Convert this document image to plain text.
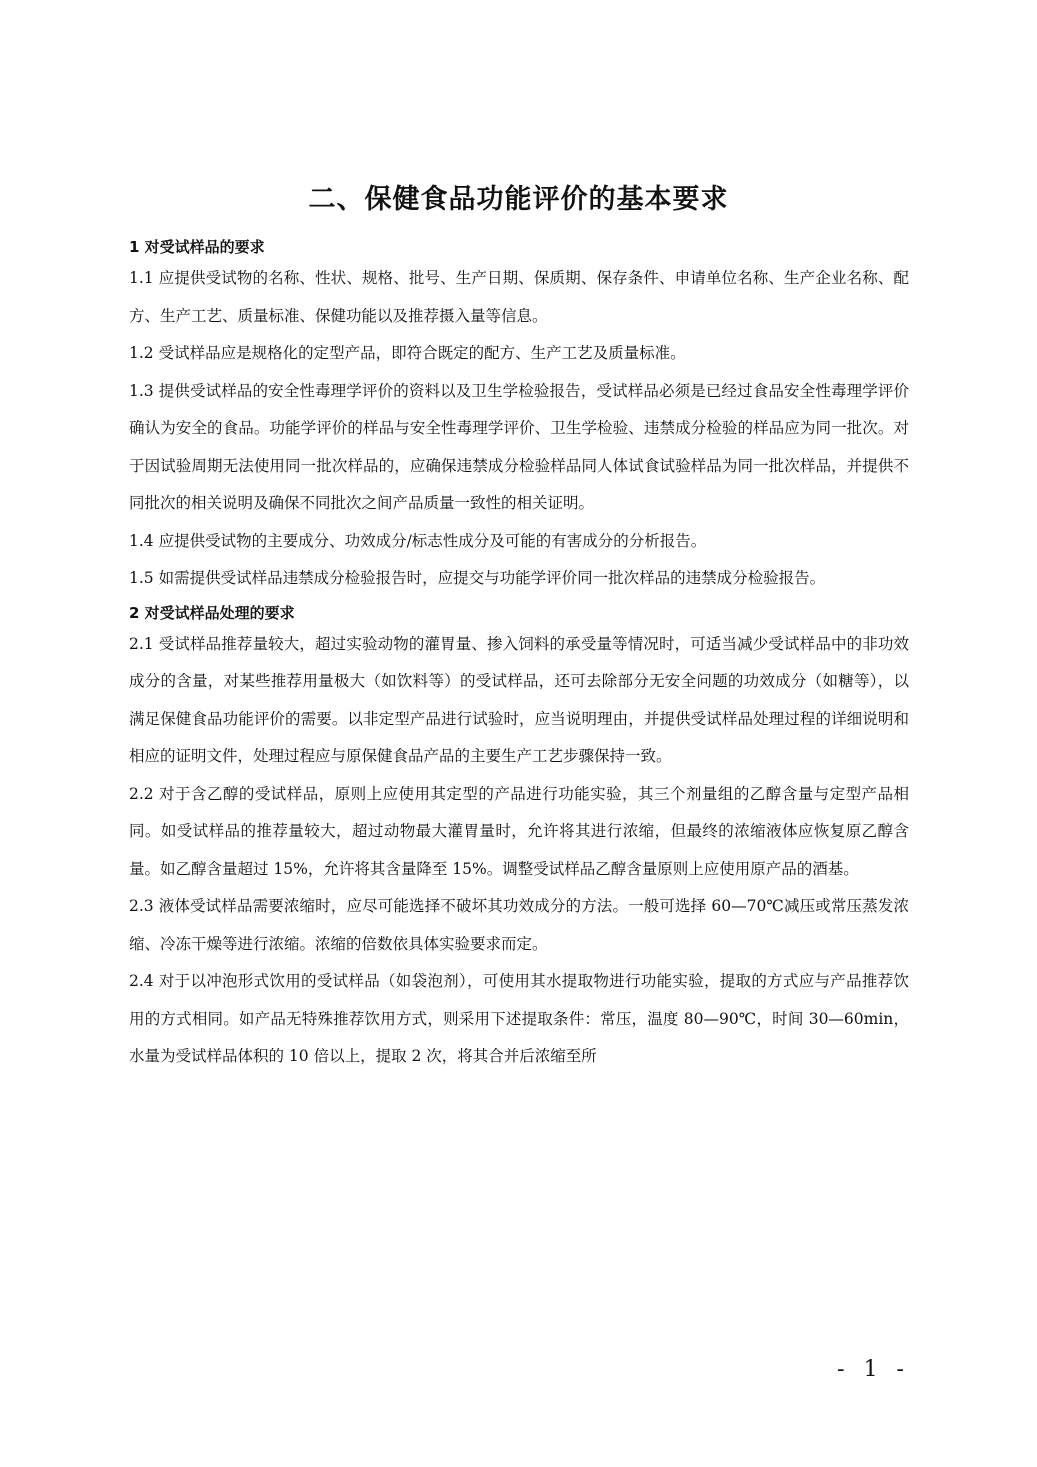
二、保健食品功能评价的基本要求
1 对受试样品的要求

1.1 应提供受试物的名称、性状、规格、批号、生产日期、保质期、保存条件、申请单位名称、生产企业名称、配方、生产工艺、质量标准、保健功能以及推荐摄入量等信息。

1.2 受试样品应是规格化的定型产品，即符合既定的配方、生产工艺及质量标准。

1.3 提供受试样品的安全性毒理学评价的资料以及卫生学检验报告，受试样品必须是已经过食品安全性毒理学评价确认为安全的食品。功能学评价的样品与安全性毒理学评价、卫生学检验、违禁成分检验的样品应为同一批次。对于因试验周期无法使用同一批次样品的，应确保违禁成分检验样品同人体试食试验样品为同一批次样品，并提供不同批次的相关说明及确保不同批次之间产品质量一致性的相关证明。

1.4 应提供受试物的主要成分、功效成分/标志性成分及可能的有害成分的分析报告。

1.5 如需提供受试样品违禁成分检验报告时，应提交与功能学评价同一批次样品的违禁成分检验报告。

2 对受试样品处理的要求

2.1 受试样品推荐量较大，超过实验动物的灌胃量、掺入饲料的承受量等情况时，可适当减少受试样品中的非功效成分的含量，对某些推荐用量极大（如饮料等）的受试样品，还可去除部分无安全问题的功效成分（如糖等），以满足保健食品功能评价的需要。以非定型产品进行试验时，应当说明理由，并提供受试样品处理过程的详细说明和相应的证明文件，处理过程应与原保健食品产品的主要生产工艺步骤保持一致。

2.2 对于含乙醇的受试样品，原则上应使用其定型的产品进行功能实验，其三个剂量组的乙醇含量与定型产品相同。如受试样品的推荐量较大，超过动物最大灌胃量时，允许将其进行浓缩，但最终的浓缩液体应恢复原乙醇含量。如乙醇含量超过 15%，允许将其含量降至 15%。调整受试样品乙醇含量原则上应使用原产品的酒基。

2.3 液体受试样品需要浓缩时，应尽可能选择不破坏其功效成分的方法。一般可选择 60—70℃减压或常压蒸发浓缩、冷冻干燥等进行浓缩。浓缩的倍数依具体实验要求而定。

2.4 对于以冲泡形式饮用的受试样品（如袋泡剂），可使用其水提取物进行功能实验，提取的方式应与产品推荐饮用的方式相同。如产品无特殊推荐饮用方式，则采用下述提取条件：常压，温度 80—90℃，时间 30—60min，水量为受试样品体积的 10 倍以上，提取 2 次，将其合并后浓缩至所

- 1 -
